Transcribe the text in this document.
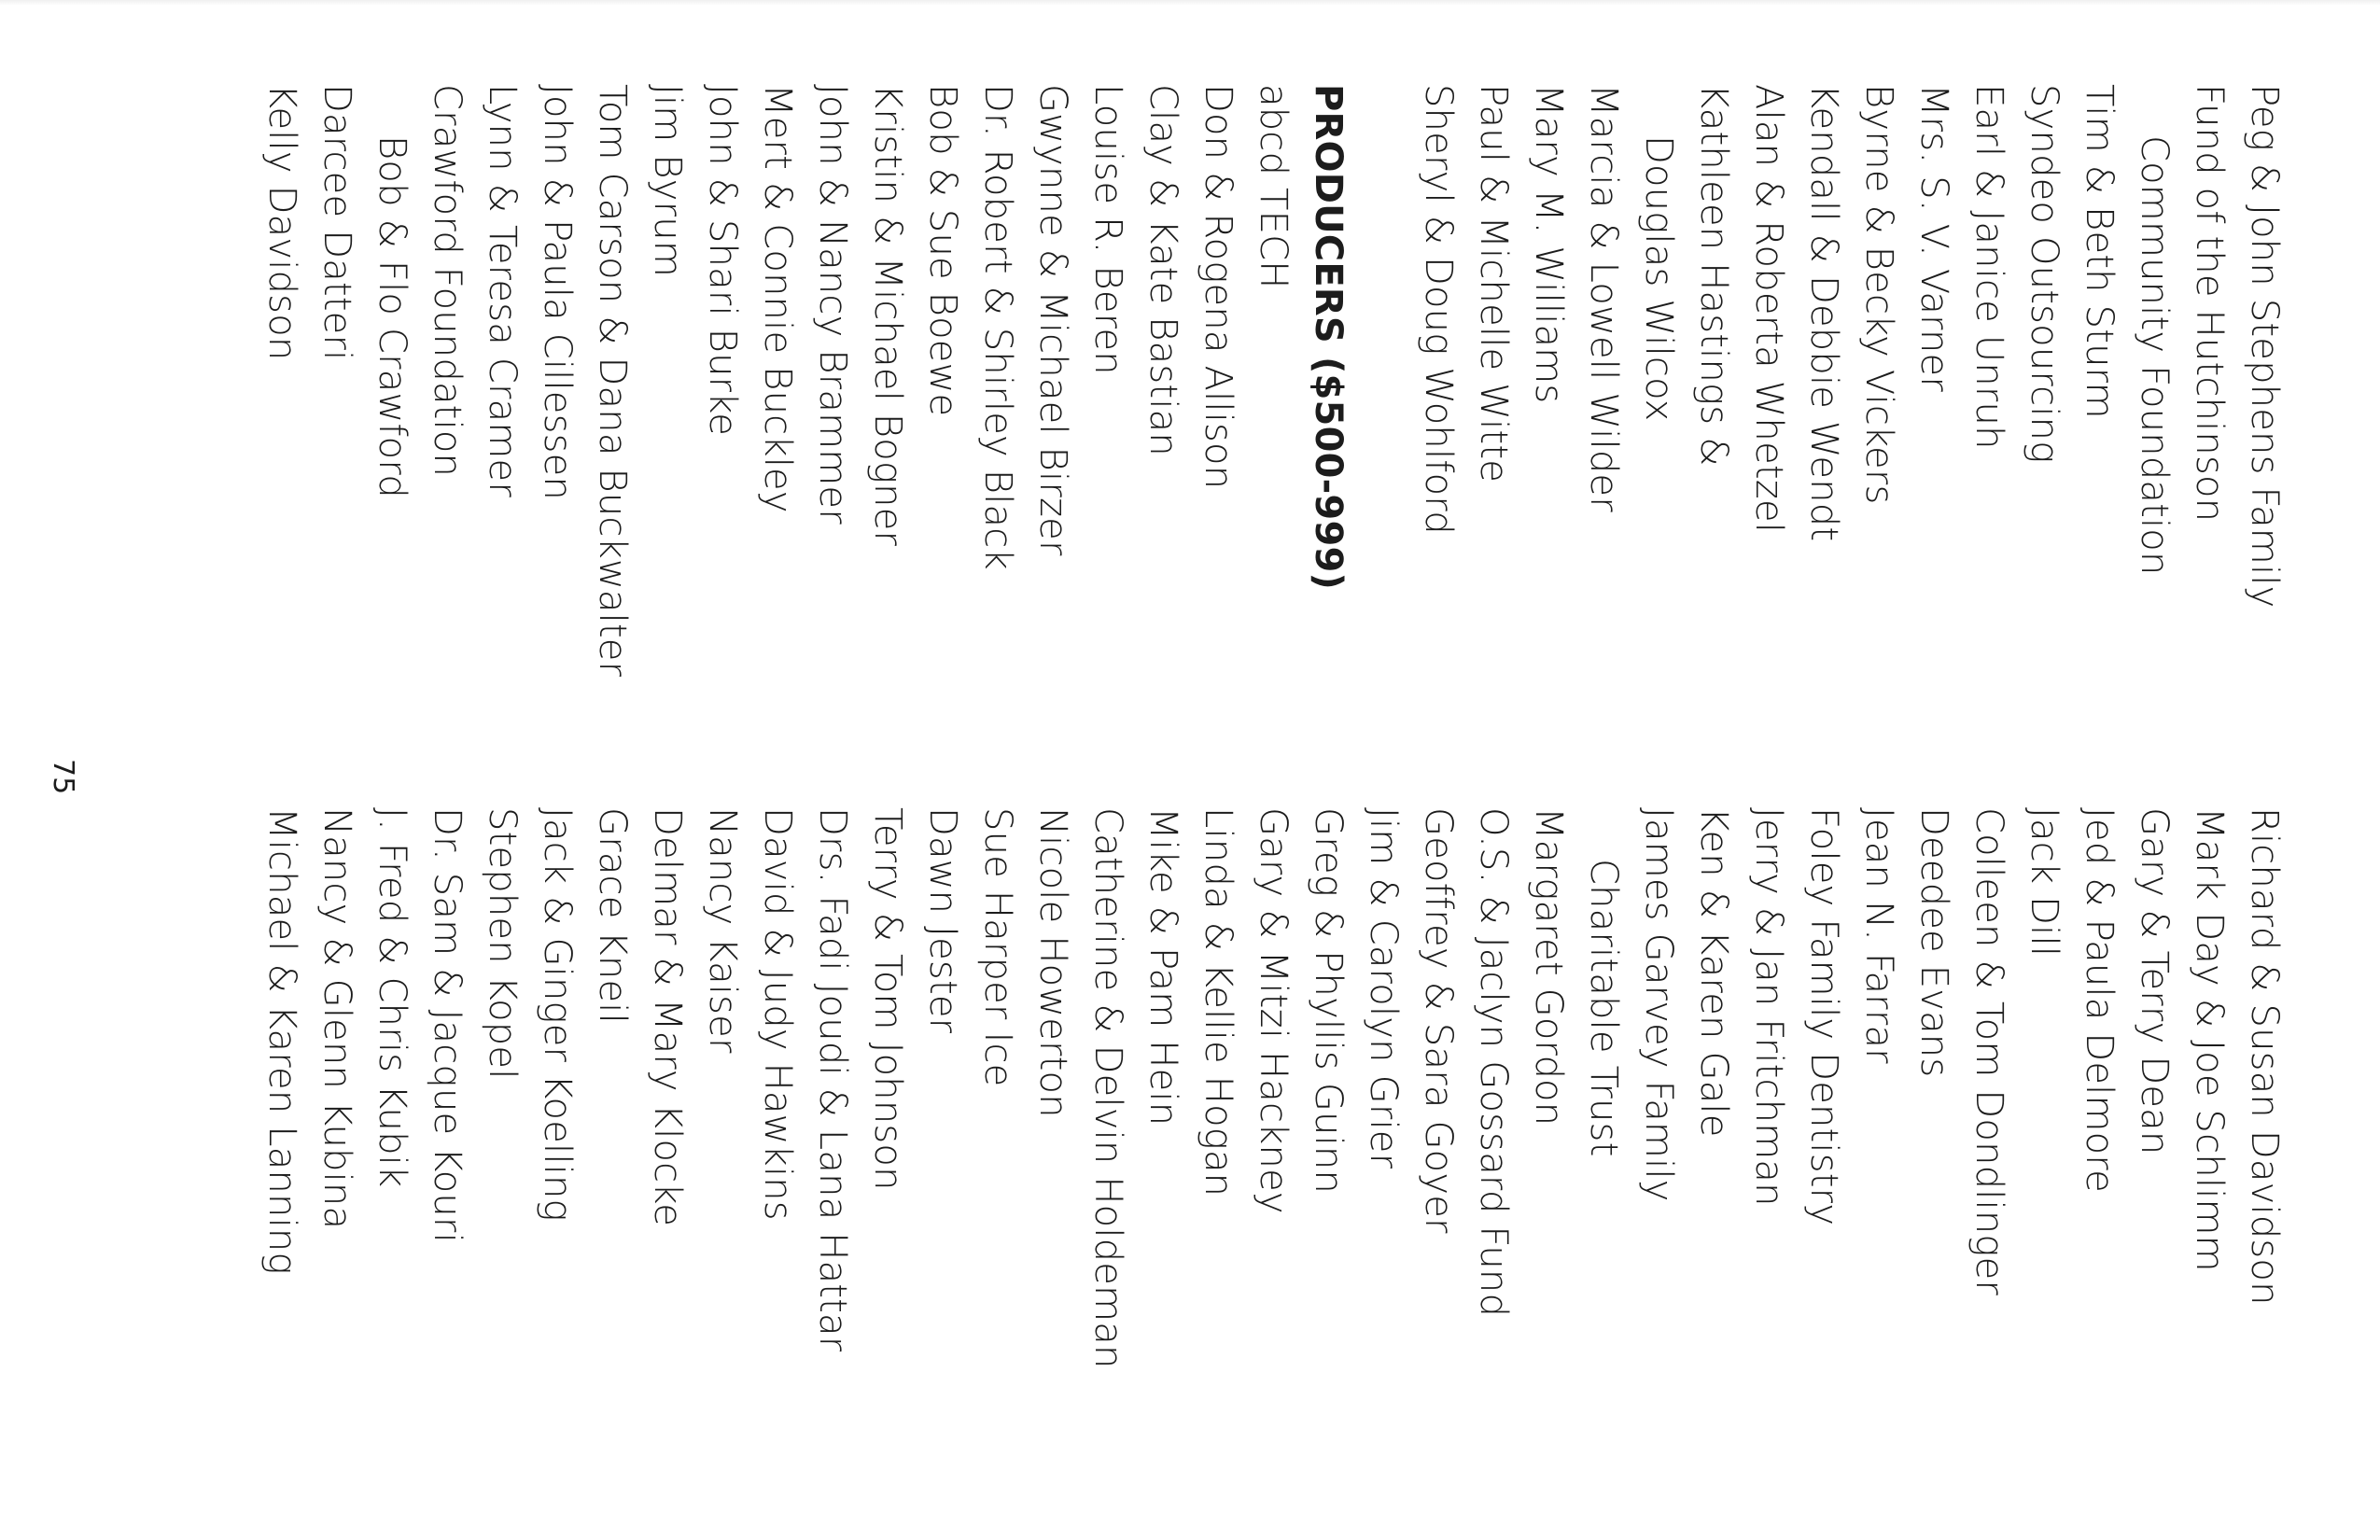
Peg & John Stephens Family
Fund of the Hutchinson
Community Foundation
Tim & Beth Sturm
Syndeo Outsourcing
Earl & Janice Unruh
Mrs. S. V. Varner
Byrne & Becky Vickers
Kendall & Debbie Wendt
Alan & Roberta Whetzel
Kathleen Hastings &
Douglas Wilcox
Marcia & Lowell Wilder
Mary M. Williams
Paul & Michelle Witte
Sheryl & Doug Wohlford
PRODUCERS ($500-999)
abcd TECH
Don & Rogena Allison
Clay & Kate Bastian
Louise R. Beren
Gwynne & Michael Birzer
Dr. Robert & Shirley Black
Bob & Sue Boewe
Kristin & Michael Bogner
John & Nancy Brammer
Mert & Connie Buckley
John & Shari Burke
Jim Byrum
Tom Carson & Dana Buckwalter
John & Paula Cillessen
Lynn & Teresa Cramer
Crawford Foundation
Bob & Flo Crawford
Darcee Datteri
Kelly Davidson
Richard & Susan Davidson
Mark Day & Joe Schlimm
Gary & Terry Dean
Jed & Paula Delmore
Jack Dill
Colleen & Tom Dondlinger
Deedee Evans
Jean N. Farrar
Foley Family Dentistry
Jerry & Jan Fritchman
Ken & Karen Gale
James Garvey Family
Charitable Trust
Margaret Gordon
O.S. & Jaclyn Gossard Fund
Geoffrey & Sara Goyer
Jim & Carolyn Grier
Greg & Phyllis Guinn
Gary & Mitzi Hackney
Linda & Kellie Hogan
Mike & Pam Hein
Catherine & Delvin Holdeman
Nicole Howerton
Sue Harper Ice
Dawn Jester
Terry & Tom Johnson
Drs. Fadi Joudi & Lana Hattar
David & Judy Hawkins
Nancy Kaiser
Delmar & Mary Klocke
Grace Kneil
Jack & Ginger Koelling
Stephen Kopel
Dr. Sam & Jacque Kouri
J. Fred & Chris Kubik
Nancy & Glenn Kubina
Michael & Karen Lanning
75
